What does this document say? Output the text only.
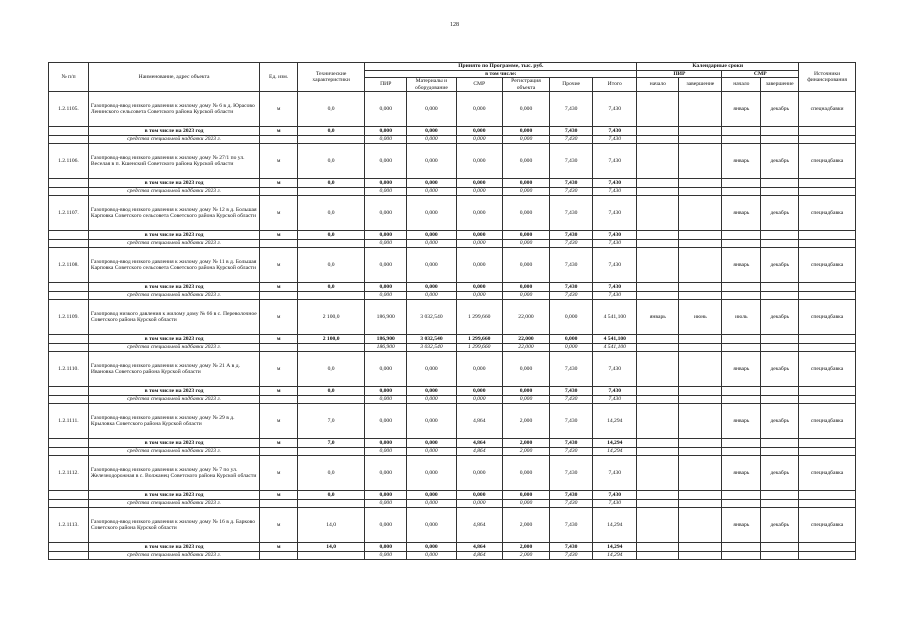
128
№ п/п	Наименование, адрес объекта	Ед. изм.	Технические характеристики	Принято по Программе, тыс. руб.						Календарные сроки				Источники финансирования
				в том числе:						ПИР		СМР		
				ПИР	Материалы и оборудование	СМР	Регистрация объекта	Прочие	Итого	начало	завершение	начало	завершение	
1.2.1105.	Газопровод-ввод низкого давления к жилому дому № 6 в д. Юрасово Ленинского сельсовета Советского района Курской области	м	0,0	0,000	0,000	0,000	0,000	7,430	7,430			январь	декабрь	спецнадбавки
	в том числе на 2023 год	м	0,0	0,000	0,000	0,000	0,000	7,430	7,430					
	средства специальной надбавки 2023 г.			0,000	0,000	0,000	0,000	7,430	7,430					
1.2.1106.	Газопровод-ввод низкого давления к жилому дому № 27/1 по ул. Веселая в п. Кшенский Советского района Курской области	м	0,0	0,000	0,000	0,000	0,000	7,430	7,430			январь	декабрь	спецнадбавка
	в том числе на 2023 год	м	0,0	0,000	0,000	0,000	0,000	7,430	7,430					
	средства специальной надбавки 2023 г.			0,000	0,000	0,000	0,000	7,430	7,430					
1.2.1107.	Газопровод-ввод низкого давления к жилому дому № 12 в д. Большая Карповка Советского сельсовета Советского района Курской области	м	0,0	0,000	0,000	0,000	0,000	7,430	7,430			январь	декабрь	спецнадбавка
	в том числе на 2023 год	м	0,0	0,000	0,000	0,000	0,000	7,430	7,430					
	средства специальной надбавки 2023 г.			0,000	0,000	0,000	0,000	7,430	7,430					
1.2.1108.	Газопровод-ввод низкого давления к жилому дому № 11 в д. Большая Карповка Советского сельсовета Советского района Курской области	м	0,0	0,000	0,000	0,000	0,000	7,430	7,430			январь	декабрь	спецнадбавка
	в том числе на 2023 год	м	0,0	0,000	0,000	0,000	0,000	7,430	7,430					
	средства специальной надбавки 2023 г.			0,000	0,000	0,000	0,000	7,430	7,430					
1.2.1109.	Газопровод низкого давления к жилому дому № 66 в с. Переволочное Советского района Курской области	м	2 100,0	186,900	3 032,540	1 299,660	22,000	0,000	4 541,100	январь	июнь	июль	декабрь	спецнадбавка
	в том числе на 2023 год	м	2 100,0	186,900	3 032,540	1 299,660	22,000	0,000	4 541,100					
	средства специальной надбавки 2023 г.			186,900	3 032,540	1 299,660	22,000	0,000	4 541,100					
1.2.1110.	Газопровод-ввод низкого давления к жилому дому № 21 А в д. Ивановка Советского района Курской области	м	0,0	0,000	0,000	0,000	0,000	7,430	7,430			январь	декабрь	спецнадбавка
	в том числе на 2023 год	м	0,0	0,000	0,000	0,000	0,000	7,430	7,430					
	средства специальной надбавки 2023 г.			0,000	0,000	0,000	0,000	7,430	7,430					
1.2.1111.	Газопровод-ввод низкого давления к жилому дому № 29 в д. Крыловка Советского района Курской области	м	7,0	0,000	0,000	4,864	2,000	7,430	14,294			январь	декабрь	спецнадбавка
	в том числе на 2023 год	м	7,0	0,000	0,000	4,864	2,000	7,430	14,294					
	средства специальной надбавки 2023 г.			0,000	0,000	4,864	2,000	7,430	14,294					
1.2.1112.	Газопровод-ввод низкого давления к жилому дому № 7 по ул. Железнодорожная в с. Волжанец Советского района Курской области	м	0,0	0,000	0,000	0,000	0,000	7,430	7,430			январь	декабрь	спецнадбавка
	в том числе на 2023 год	м	0,0	0,000	0,000	0,000	0,000	7,430	7,430					
	средства специальной надбавки 2023 г.			0,000	0,000	0,000	0,000	7,430	7,430					
1.2.1113.	Газопровод-ввод низкого давления к жилому дому № 16 в д. Барково Советского района Курской области	м	14,0	0,000	0,000	4,864	2,000	7,430	14,294			январь	декабрь	спецнадбавка
	в том числе на 2023 год	м	14,0	0,000	0,000	4,864	2,000	7,430	14,294					
	средства специальной надбавки 2023 г.			0,000	0,000	4,864	2,000	7,430	14,294					
